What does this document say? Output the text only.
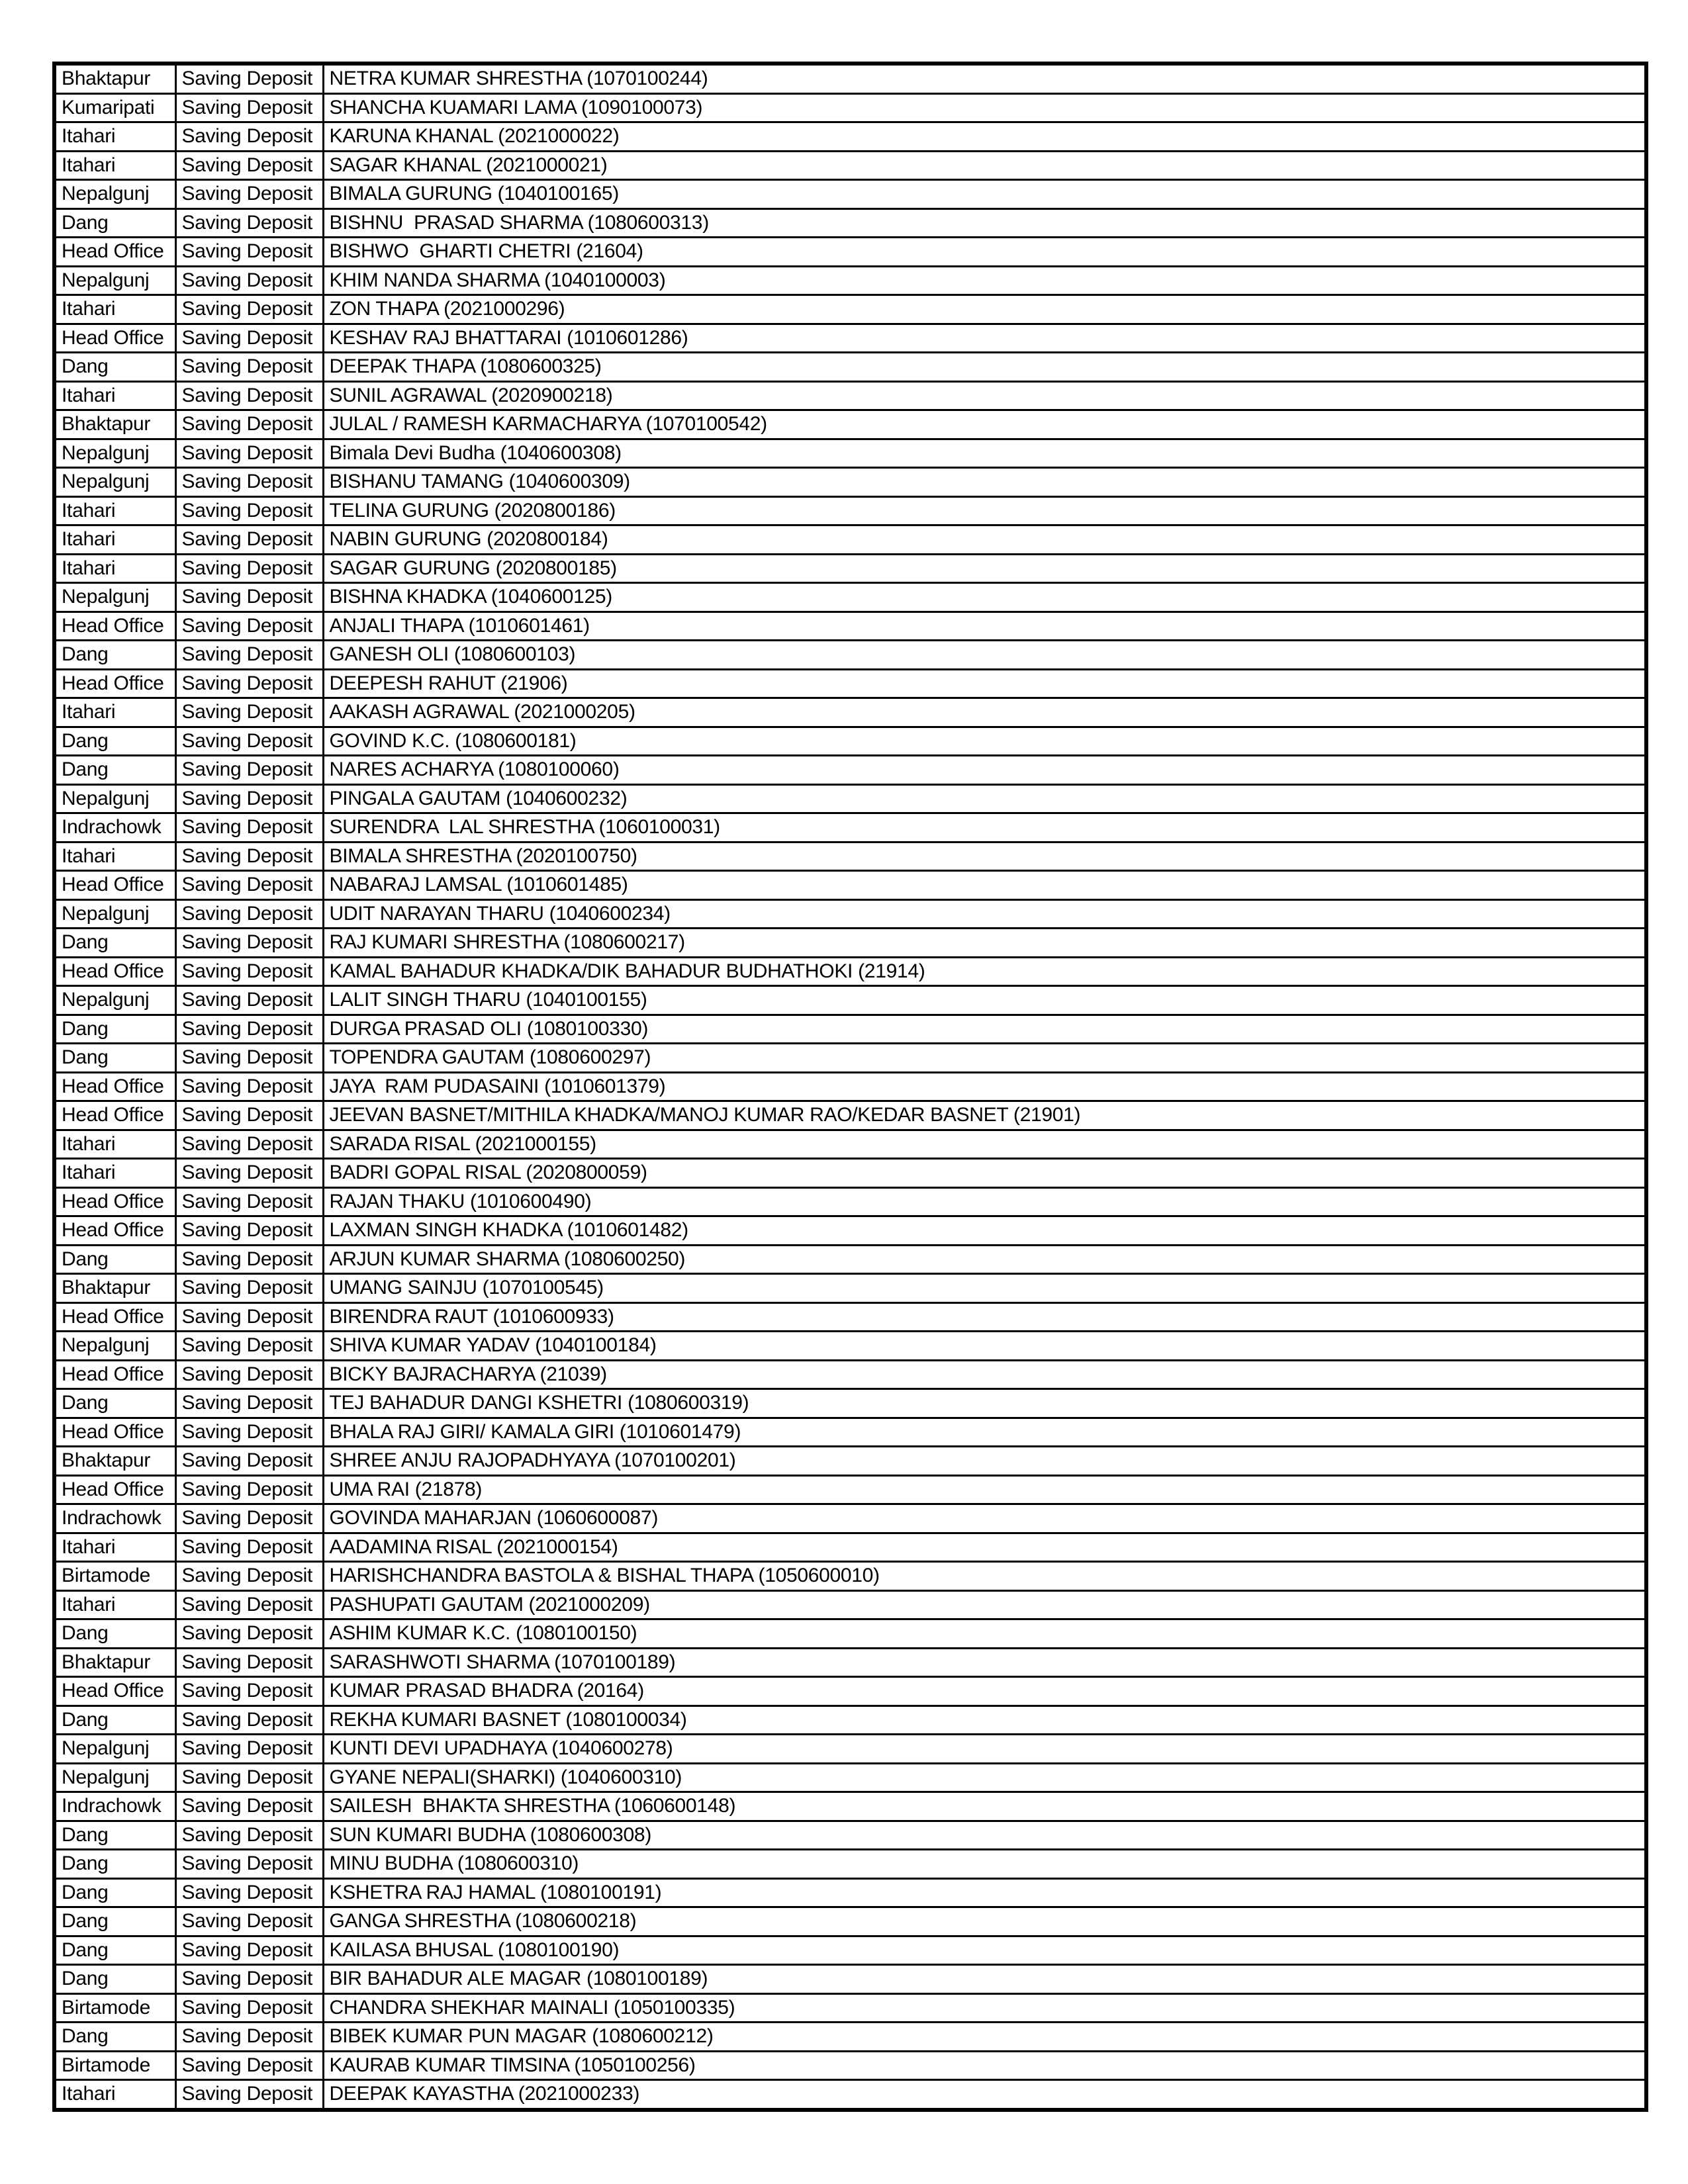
Bhaktapur	Saving Deposit	NETRA KUMAR SHRESTHA (1070100244)
Kumaripati	Saving Deposit	SHANCHA KUAMARI LAMA (1090100073)
Itahari	Saving Deposit	KARUNA KHANAL (2021000022)
Itahari	Saving Deposit	SAGAR KHANAL (2021000021)
Nepalgunj	Saving Deposit	BIMALA GURUNG (1040100165)
Dang	Saving Deposit	BISHNU  PRASAD SHARMA (1080600313)
Head Office	Saving Deposit	BISHWO  GHARTI CHETRI (21604)
Nepalgunj	Saving Deposit	KHIM NANDA SHARMA (1040100003)
Itahari	Saving Deposit	ZON THAPA (2021000296)
Head Office	Saving Deposit	KESHAV RAJ BHATTARAI (1010601286)
Dang	Saving Deposit	DEEPAK THAPA (1080600325)
Itahari	Saving Deposit	SUNIL AGRAWAL (2020900218)
Bhaktapur	Saving Deposit	JULAL / RAMESH KARMACHARYA (1070100542)
Nepalgunj	Saving Deposit	Bimala Devi Budha (1040600308)
Nepalgunj	Saving Deposit	BISHANU TAMANG (1040600309)
Itahari	Saving Deposit	TELINA GURUNG (2020800186)
Itahari	Saving Deposit	NABIN GURUNG (2020800184)
Itahari	Saving Deposit	SAGAR GURUNG (2020800185)
Nepalgunj	Saving Deposit	BISHNA KHADKA (1040600125)
Head Office	Saving Deposit	ANJALI THAPA (1010601461)
Dang	Saving Deposit	GANESH OLI (1080600103)
Head Office	Saving Deposit	DEEPESH RAHUT (21906)
Itahari	Saving Deposit	AAKASH AGRAWAL (2021000205)
Dang	Saving Deposit	GOVIND K.C. (1080600181)
Dang	Saving Deposit	NARES ACHARYA (1080100060)
Nepalgunj	Saving Deposit	PINGALA GAUTAM (1040600232)
Indrachowk	Saving Deposit	SURENDRA  LAL SHRESTHA (1060100031)
Itahari	Saving Deposit	BIMALA SHRESTHA (2020100750)
Head Office	Saving Deposit	NABARAJ LAMSAL (1010601485)
Nepalgunj	Saving Deposit	UDIT NARAYAN THARU (1040600234)
Dang	Saving Deposit	RAJ KUMARI SHRESTHA (1080600217)
Head Office	Saving Deposit	KAMAL BAHADUR KHADKA/DIK BAHADUR BUDHATHOKI (21914)
Nepalgunj	Saving Deposit	LALIT SINGH THARU (1040100155)
Dang	Saving Deposit	DURGA PRASAD OLI (1080100330)
Dang	Saving Deposit	TOPENDRA GAUTAM (1080600297)
Head Office	Saving Deposit	JAYA  RAM PUDASAINI (1010601379)
Head Office	Saving Deposit	JEEVAN BASNET/MITHILA KHADKA/MANOJ KUMAR RAO/KEDAR BASNET (21901)
Itahari	Saving Deposit	SARADA RISAL (2021000155)
Itahari	Saving Deposit	BADRI GOPAL RISAL (2020800059)
Head Office	Saving Deposit	RAJAN THAKU (1010600490)
Head Office	Saving Deposit	LAXMAN SINGH KHADKA (1010601482)
Dang	Saving Deposit	ARJUN KUMAR SHARMA (1080600250)
Bhaktapur	Saving Deposit	UMANG SAINJU (1070100545)
Head Office	Saving Deposit	BIRENDRA RAUT (1010600933)
Nepalgunj	Saving Deposit	SHIVA KUMAR YADAV (1040100184)
Head Office	Saving Deposit	BICKY BAJRACHARYA (21039)
Dang	Saving Deposit	TEJ BAHADUR DANGI KSHETRI (1080600319)
Head Office	Saving Deposit	BHALA RAJ GIRI/ KAMALA GIRI (1010601479)
Bhaktapur	Saving Deposit	SHREE ANJU RAJOPADHYAYA (1070100201)
Head Office	Saving Deposit	UMA RAI (21878)
Indrachowk	Saving Deposit	GOVINDA MAHARJAN (1060600087)
Itahari	Saving Deposit	AADAMINA RISAL (2021000154)
Birtamode	Saving Deposit	HARISHCHANDRA BASTOLA & BISHAL THAPA (1050600010)
Itahari	Saving Deposit	PASHUPATI GAUTAM (2021000209)
Dang	Saving Deposit	ASHIM KUMAR K.C. (1080100150)
Bhaktapur	Saving Deposit	SARASHWOTI SHARMA (1070100189)
Head Office	Saving Deposit	KUMAR PRASAD BHADRA (20164)
Dang	Saving Deposit	REKHA KUMARI BASNET (1080100034)
Nepalgunj	Saving Deposit	KUNTI DEVI UPADHAYA (1040600278)
Nepalgunj	Saving Deposit	GYANE NEPALI(SHARKI) (1040600310)
Indrachowk	Saving Deposit	SAILESH  BHAKTA SHRESTHA (1060600148)
Dang	Saving Deposit	SUN KUMARI BUDHA (1080600308)
Dang	Saving Deposit	MINU BUDHA (1080600310)
Dang	Saving Deposit	KSHETRA RAJ HAMAL (1080100191)
Dang	Saving Deposit	GANGA SHRESTHA (1080600218)
Dang	Saving Deposit	KAILASA BHUSAL (1080100190)
Dang	Saving Deposit	BIR BAHADUR ALE MAGAR (1080100189)
Birtamode	Saving Deposit	CHANDRA SHEKHAR MAINALI (1050100335)
Dang	Saving Deposit	BIBEK KUMAR PUN MAGAR (1080600212)
Birtamode	Saving Deposit	KAURAB KUMAR TIMSINA (1050100256)
Itahari	Saving Deposit	DEEPAK KAYASTHA (2021000233)
